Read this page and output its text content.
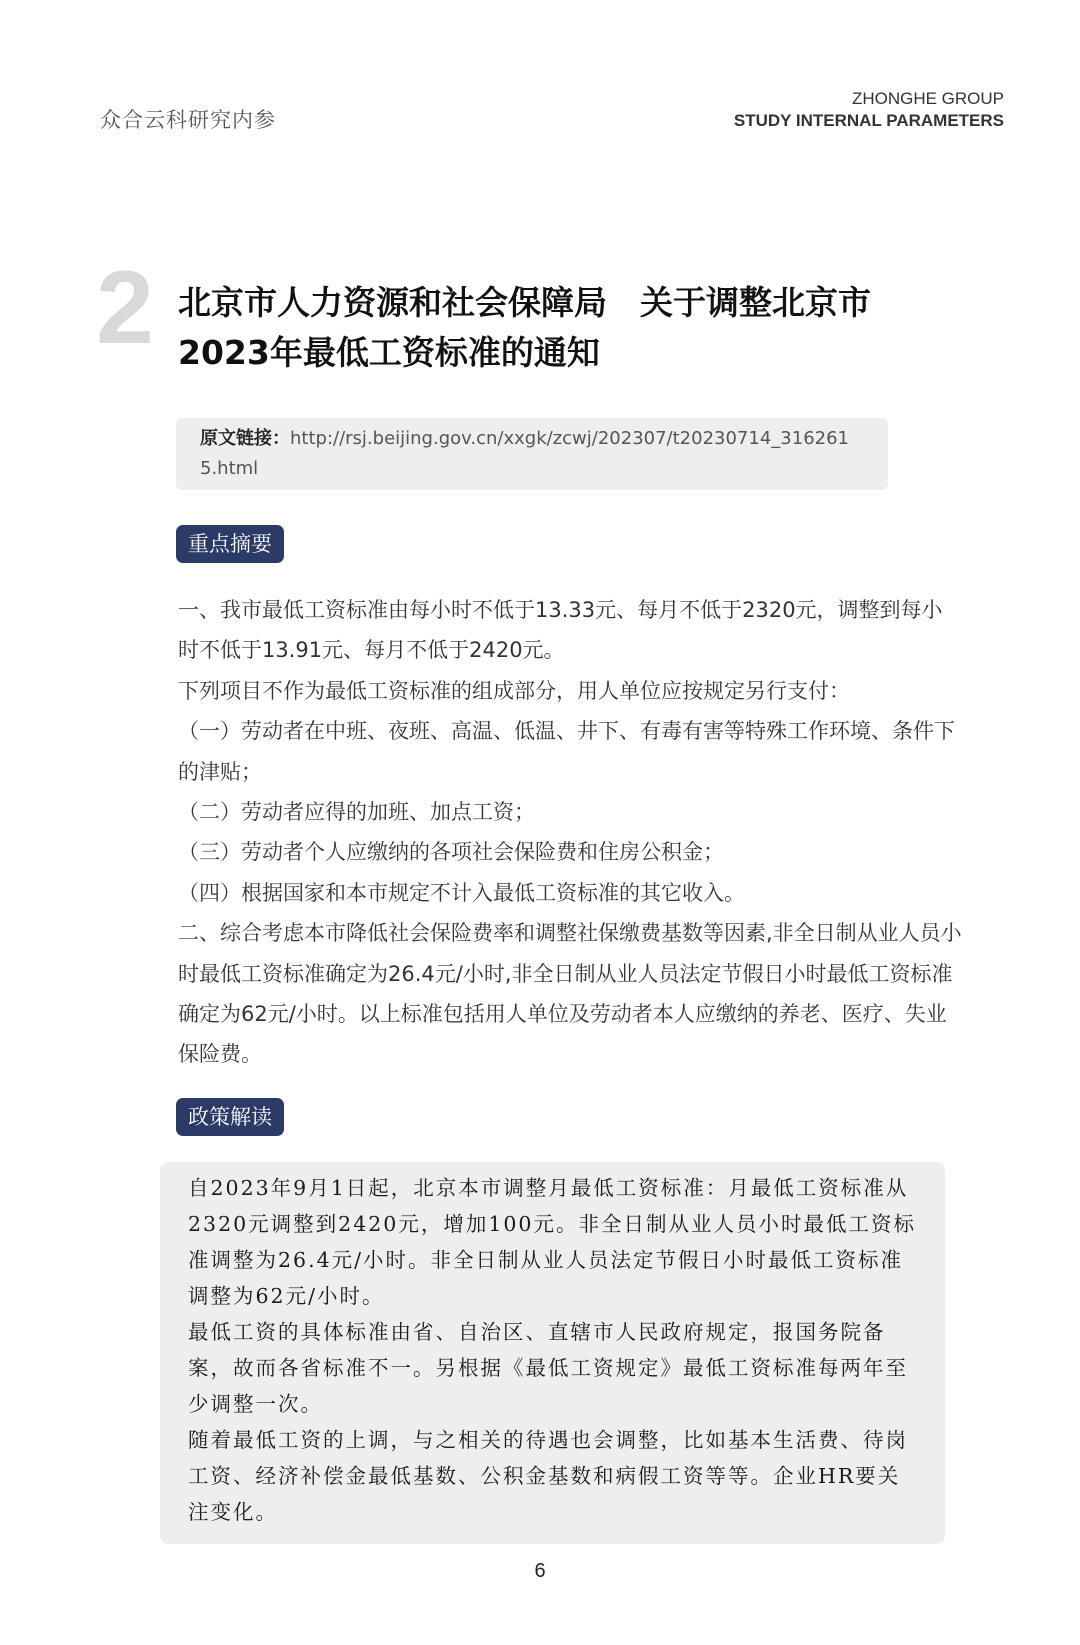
众合云科研究内参
ZHONGHE GROUP
STUDY INTERNAL PARAMETERS
2 北京市人力资源和社会保障局　关于调整北京市
2023年最低工资标准的通知
原文链接：http://rsj.beijing.gov.cn/xxgk/zcwj/202307/t20230714_3162615.html
重点摘要

一、我市最低工资标准由每小时不低于13.33元、每月不低于2320元，调整到每小时不低于13.91元、每月不低于2420元。

下列项目不作为最低工资标准的组成部分，用人单位应按规定另行支付：

（一）劳动者在中班、夜班、高温、低温、井下、有毒有害等特殊工作环境、条件下的津贴；

（二）劳动者应得的加班、加点工资；

（三）劳动者个人应缴纳的各项社会保险费和住房公积金；

（四）根据国家和本市规定不计入最低工资标准的其它收入。

二、综合考虑本市降低社会保险费率和调整社保缴费基数等因素,非全日制从业人员小时最低工资标准确定为26.4元/小时,非全日制从业人员法定节假日小时最低工资标准确定为62元/小时。以上标准包括用人单位及劳动者本人应缴纳的养老、医疗、失业保险费。

政策解读

自2023年9月1日起，北京本市调整月最低工资标准：月最低工资标准从2320元调整到2420元，增加100元。非全日制从业人员小时最低工资标准调整为26.4元/小时。非全日制从业人员法定节假日小时最低工资标准调整为62元/小时。

最低工资的具体标准由省、自治区、直辖市人民政府规定，报国务院备案，故而各省标准不一。另根据《最低工资规定》最低工资标准每两年至少调整一次。

随着最低工资的上调，与之相关的待遇也会调整，比如基本生活费、待岗工资、经济补偿金最低基数、公积金基数和病假工资等等。企业HR要关注变化。

6
